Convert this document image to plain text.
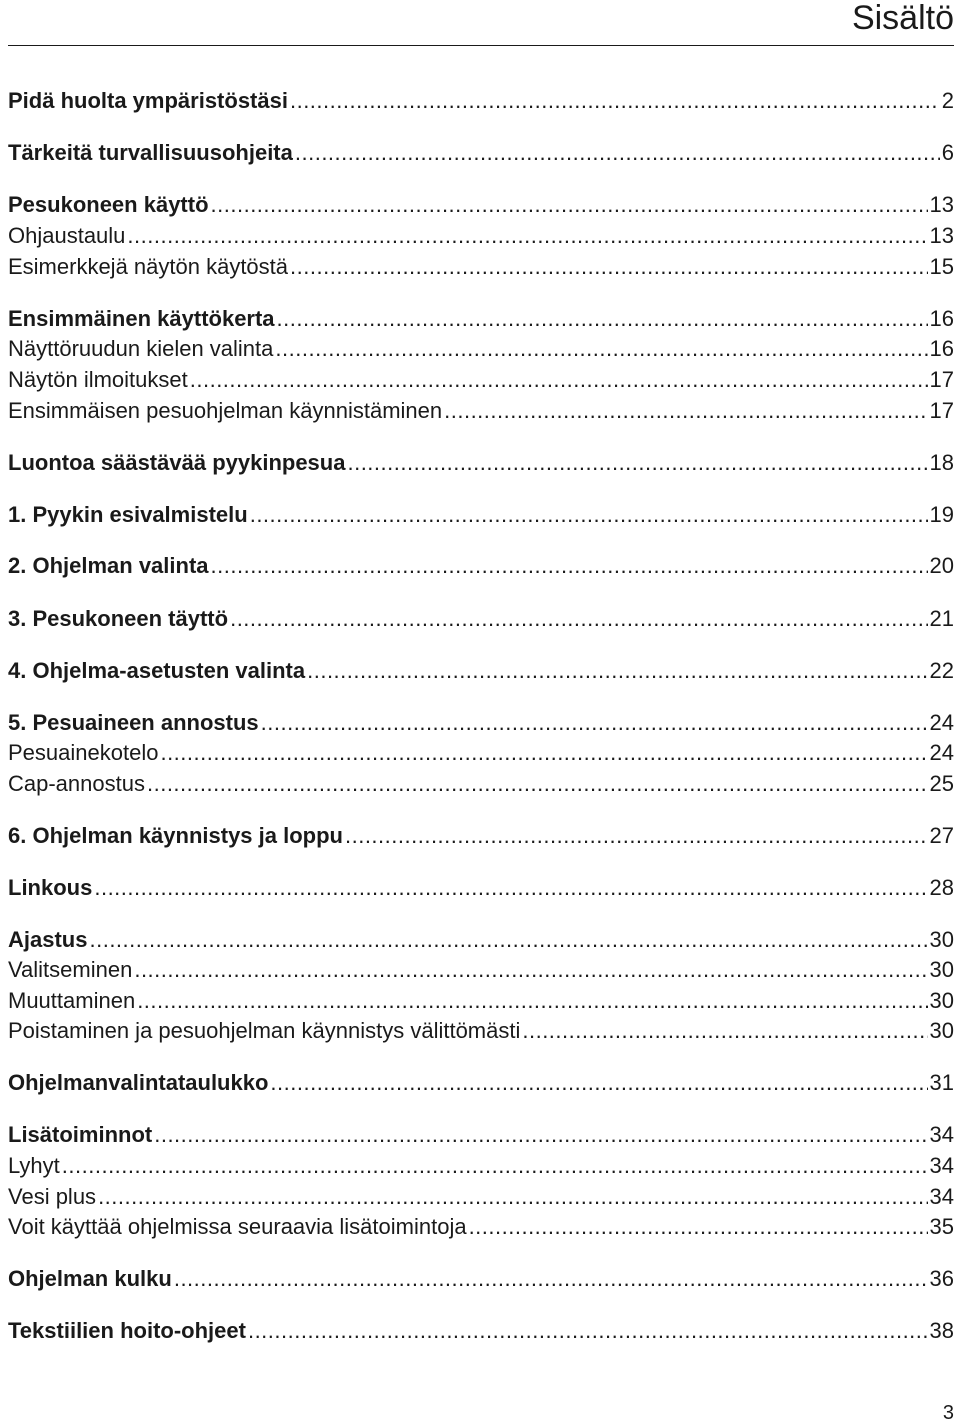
Sisältö
Pidä huolta ympäristöstäsi .....	2
Tärkeitä turvallisuusohjeita .....	6
Pesukoneen käyttö .....	13
Ohjaustaulu .....	13
Esimerkkejä näytön käytöstä .....	15
Ensimmäinen käyttökerta .....	16
Näyttöruudun kielen valinta .....	16
Näytön ilmoitukset .....	17
Ensimmäisen pesuohjelman käynnistäminen .....	17
Luontoa säästävää pyykinpesua .....	18
1. Pyykin esivalmistelu .....	19
2. Ohjelman valinta .....	20
3. Pesukoneen täyttö .....	21
4. Ohjelma-asetusten valinta .....	22
5. Pesuaineen annostus .....	24
Pesuainekotelo .....	24
Cap-annostus .....	25
6. Ohjelman käynnistys ja loppu .....	27
Linkous .....	28
Ajastus .....	30
Valitseminen .....	30
Muuttaminen .....	30
Poistaminen ja pesuohjelman käynnistys välittömästi .....	30
Ohjelmanvalintataulukko .....	31
Lisätoiminnot .....	34
Lyhyt .....	34
Vesi plus .....	34
Voit käyttää ohjelmissa seuraavia lisätoimintoja .....	35
Ohjelman kulku .....	36
Tekstiilien hoito-ohjeet .....	38
3
